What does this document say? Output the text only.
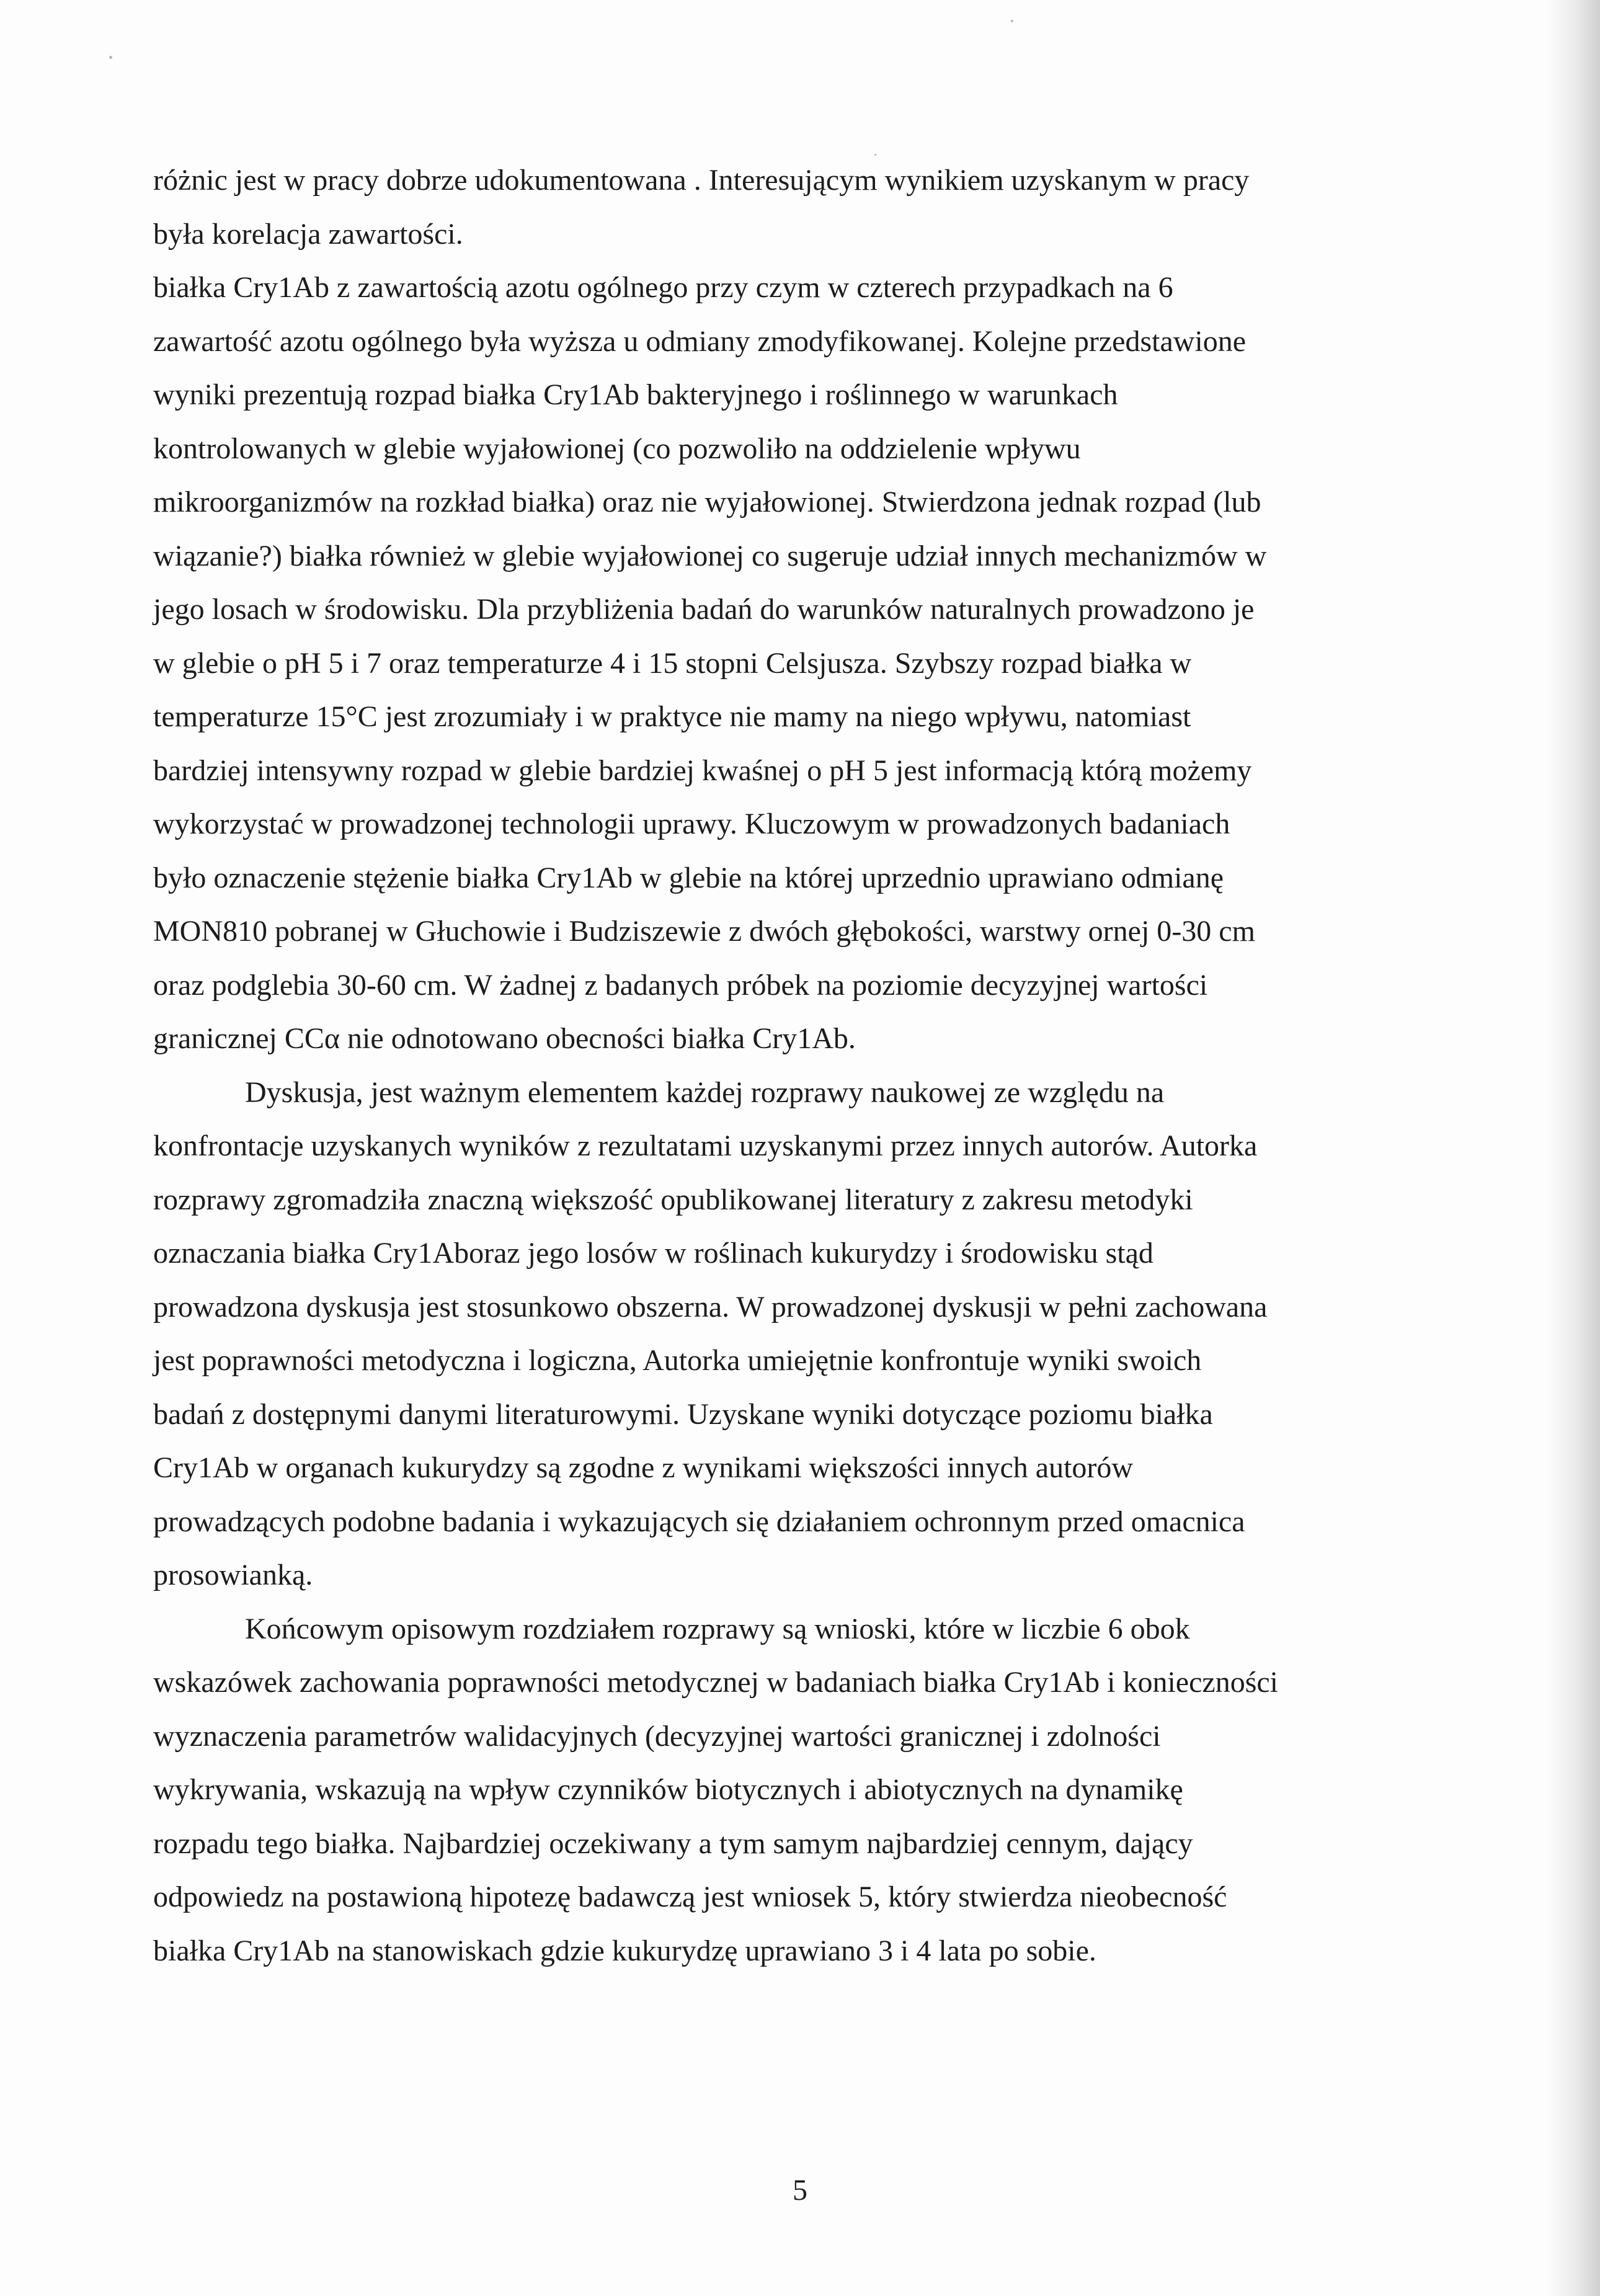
różnic jest w pracy dobrze udokumentowana . Interesującym wynikiem uzyskanym w pracy
była korelacja zawartości.
białka Cry1Ab z zawartością azotu ogólnego przy czym w czterech przypadkach na 6
zawartość azotu ogólnego była wyższa u odmiany zmodyfikowanej. Kolejne przedstawione
wyniki prezentują rozpad białka Cry1Ab bakteryjnego i roślinnego w warunkach
kontrolowanych w glebie wyjałowionej (co pozwoliło na oddzielenie wpływu
mikroorganizmów na rozkład białka) oraz nie wyjałowionej. Stwierdzona jednak rozpad (lub
wiązanie?) białka również w glebie wyjałowionej co sugeruje udział innych mechanizmów w
jego losach w środowisku. Dla przybliżenia badań do warunków naturalnych prowadzono je
w glebie o pH 5 i 7 oraz temperaturze 4 i 15 stopni Celsjusza. Szybszy rozpad białka w
temperaturze 15°C jest zrozumiały i w praktyce nie mamy na niego wpływu, natomiast
bardziej intensywny rozpad w glebie bardziej kwaśnej o pH 5 jest informacją którą możemy
wykorzystać w prowadzonej technologii uprawy. Kluczowym w prowadzonych badaniach
było oznaczenie stężenie białka Cry1Ab w glebie na której uprzednio uprawiano odmianę
MON810 pobranej w Głuchowie i Budziszewie z dwóch głębokości, warstwy ornej 0-30 cm
oraz podglebia 30-60 cm. W żadnej z badanych próbek na poziomie decyzyjnej wartości
granicznej CCα nie odnotowano obecności białka Cry1Ab.
Dyskusja, jest ważnym elementem każdej rozprawy naukowej ze względu na
konfrontacje uzyskanych wyników z rezultatami uzyskanymi przez innych autorów. Autorka
rozprawy zgromadziła znaczną większość opublikowanej literatury z zakresu metodyki
oznaczania białka Cry1Aboraz jego losów w roślinach kukurydzy i środowisku stąd
prowadzona dyskusja jest stosunkowo obszerna. W prowadzonej dyskusji w pełni zachowana
jest poprawności metodyczna i logiczna, Autorka umiejętnie konfrontuje wyniki swoich
badań z dostępnymi danymi literaturowymi. Uzyskane wyniki dotyczące poziomu białka
Cry1Ab w organach kukurydzy są zgodne z wynikami większości innych autorów
prowadzących podobne badania i wykazujących się działaniem ochronnym przed omacnica
prosowianką.
Końcowym opisowym rozdziałem rozprawy są wnioski, które w liczbie 6 obok
wskazówek zachowania poprawności metodycznej w badaniach białka Cry1Ab i konieczności
wyznaczenia parametrów walidacyjnych (decyzyjnej wartości granicznej i zdolności
wykrywania, wskazują na wpływ czynników biotycznych i abiotycznych na dynamikę
rozpadu tego białka. Najbardziej oczekiwany a tym samym najbardziej cennym, dający
odpowiedz na postawioną hipotezę badawczą jest wniosek 5, który stwierdza nieobecność
białka Cry1Ab na stanowiskach gdzie kukurydzę uprawiano 3 i 4 lata po sobie.
5
